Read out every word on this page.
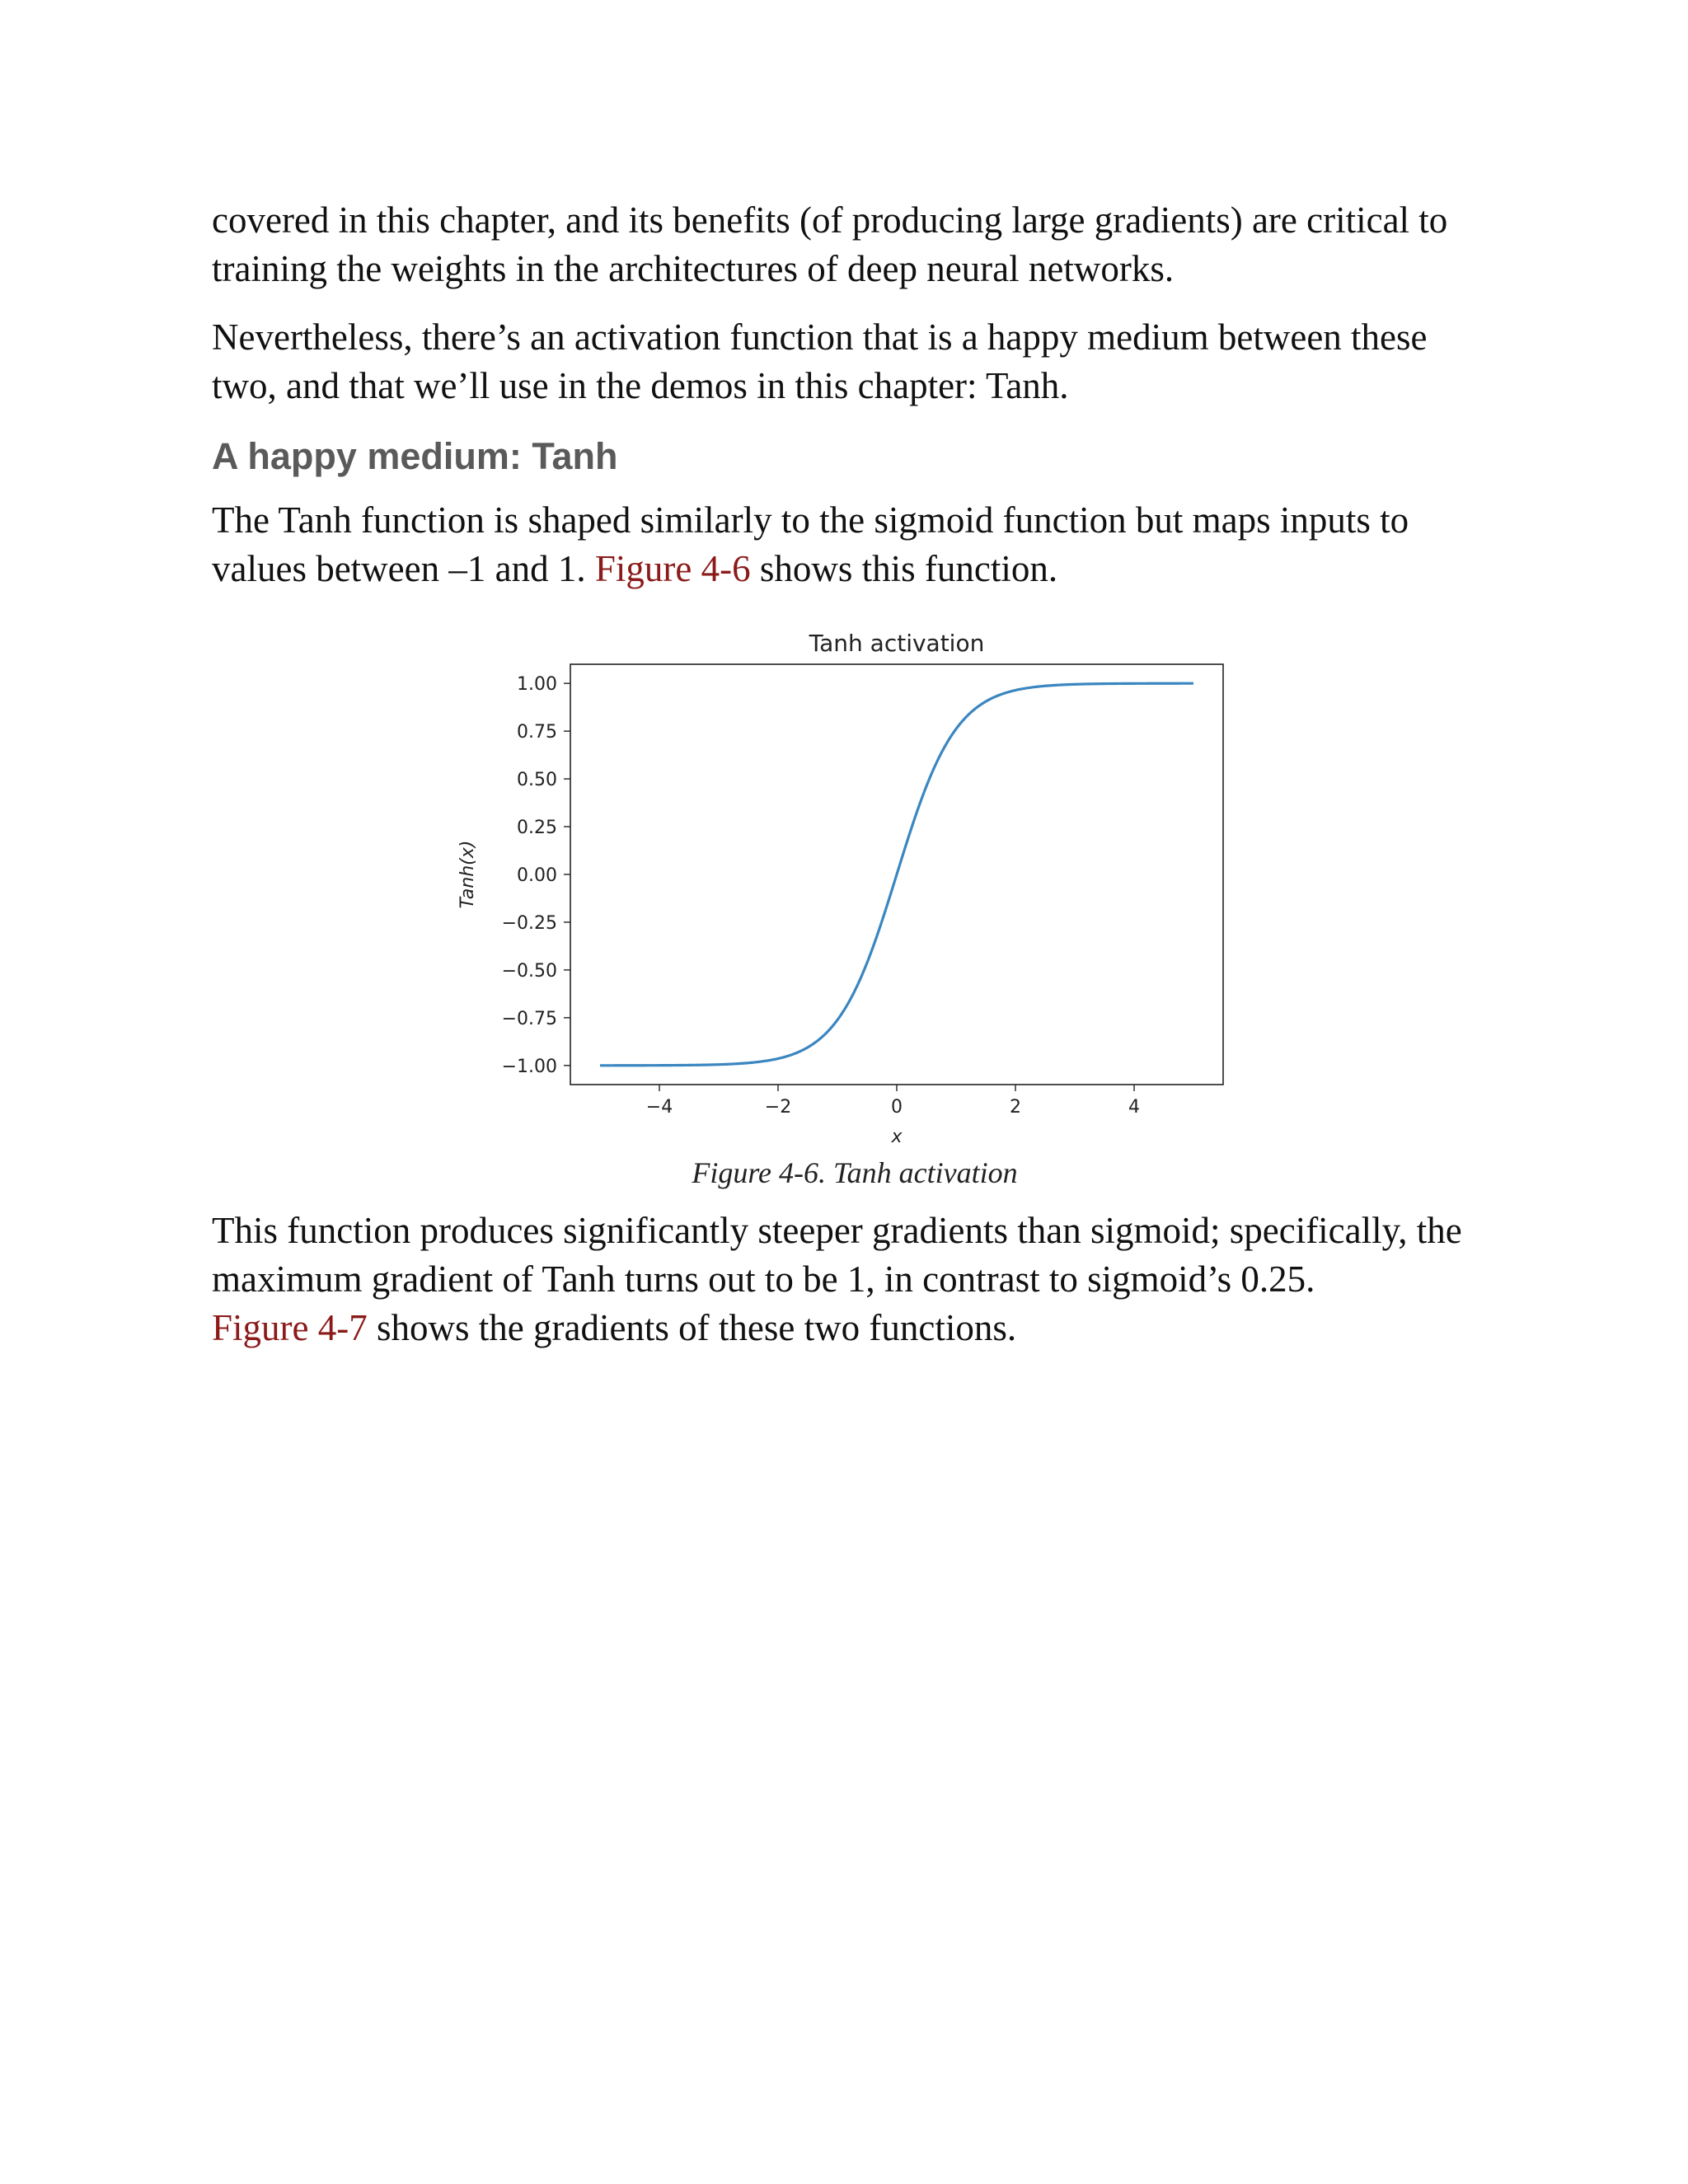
covered in this chapter, and its benefits (of producing large gradients) are critical to training the weights in the architectures of deep neural networks.

Nevertheless, there’s an activation function that is a happy medium between these two, and that we’ll use in the demos in this chapter: Tanh.

A happy medium: Tanh

The Tanh function is shaped similarly to the sigmoid function but maps inputs to values between –1 and 1. Figure 4-6 shows this function.

Tanh activation
1.00
0.75
0.50
0.25
0.00
−0.25
−0.50
−0.75
−1.00
−4	−2	0	2	4
x
Tanh(x)
Figure 4-6. Tanh activation

This function produces significantly steeper gradients than sigmoid; specifically, the maximum gradient of Tanh turns out to be 1, in contrast to sigmoid’s 0.25.

Figure 4-7 shows the gradients of these two functions.
